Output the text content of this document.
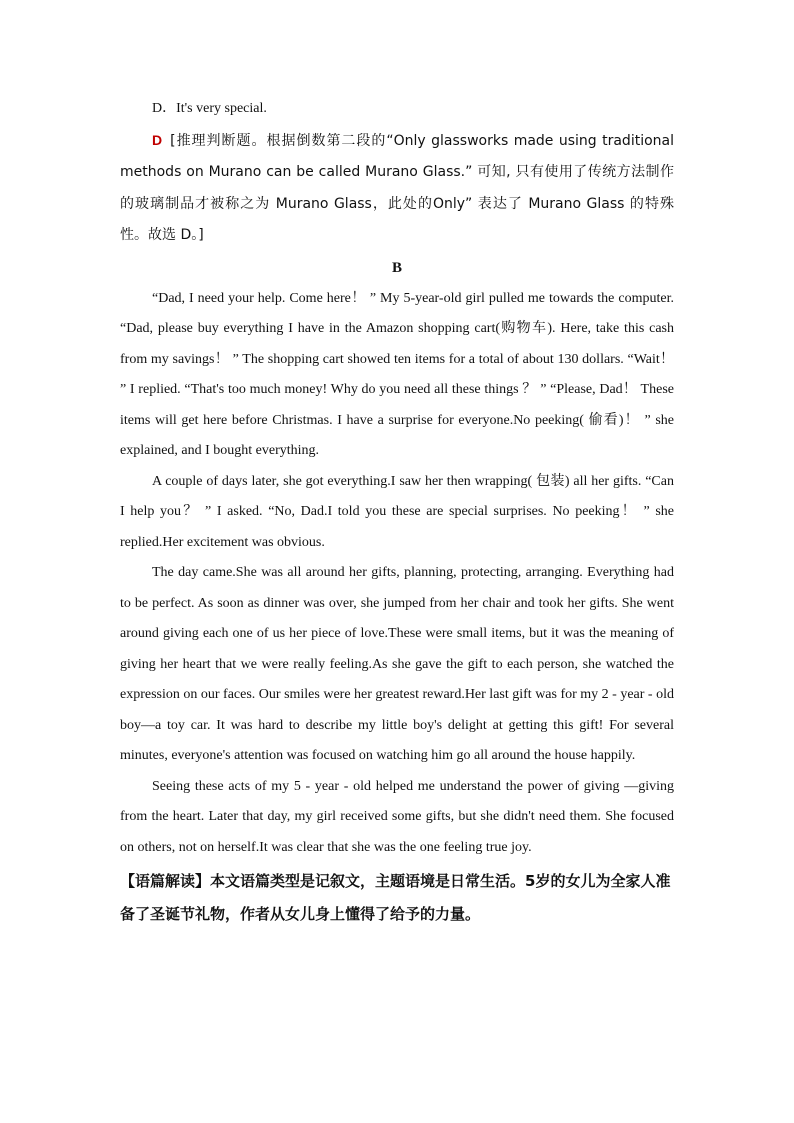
D．It's very special.
D [推理判断题。根据倒数第二段的“Only glassworks made using traditional methods on Murano can be called Murano Glass.” 可知, 只有使用了传统方法制作的玻璃制品才被称之为 Murano Glass，此处的Only” 表达了 Murano Glass 的特殊性。故选 D。]
B

“Dad, I need your help. Come here！ ” My 5-year-old girl pulled me towards the computer. “Dad, please buy everything I have in the Amazon shopping cart(购物车). Here, take this cash from my savings！ ” The shopping cart showed ten items for a total of about 130 dollars. “Wait！ ” I replied. “That's too much money! Why do you need all these things ？ ” “Please, Dad！ These items will get here before Christmas. I have a surprise for everyone.No peeking( 偷看)！ ” she explained, and I bought everything.

A couple of days later, she got everything.I saw her then wrapping( 包装) all her gifts. “Can I help you？ ” I asked. “No, Dad.I told you these are special surprises. No peeking！ ” she replied.Her excitement was obvious.

The day came.She was all around her gifts, planning, protecting, arranging. Everything had to be perfect. As soon as dinner was over, she jumped from her chair and took her gifts. She went around giving each one of us her piece of love.These were small items, but it was the meaning of giving her heart that we were really feeling.As she gave the gift to each person, she watched the expression on our faces. Our smiles were her greatest reward.Her last gift was for my 2 - year - old boy—a toy car. It was hard to describe my little boy's delight at getting this gift! For several minutes, everyone's attention was focused on watching him go all around the house happily.

Seeing these acts of my 5 - year - old helped me understand the power of giving —giving from the heart. Later that day, my girl received some gifts, but she didn't need them. She focused on others, not on herself.It was clear that she was the one feeling true joy.

【语篇解读】本文语篇类型是记叙文，主题语境是日常生活。5岁的女儿为全家人准备了圣诞节礼物，作者从女儿身上懂得了给予的力量。
